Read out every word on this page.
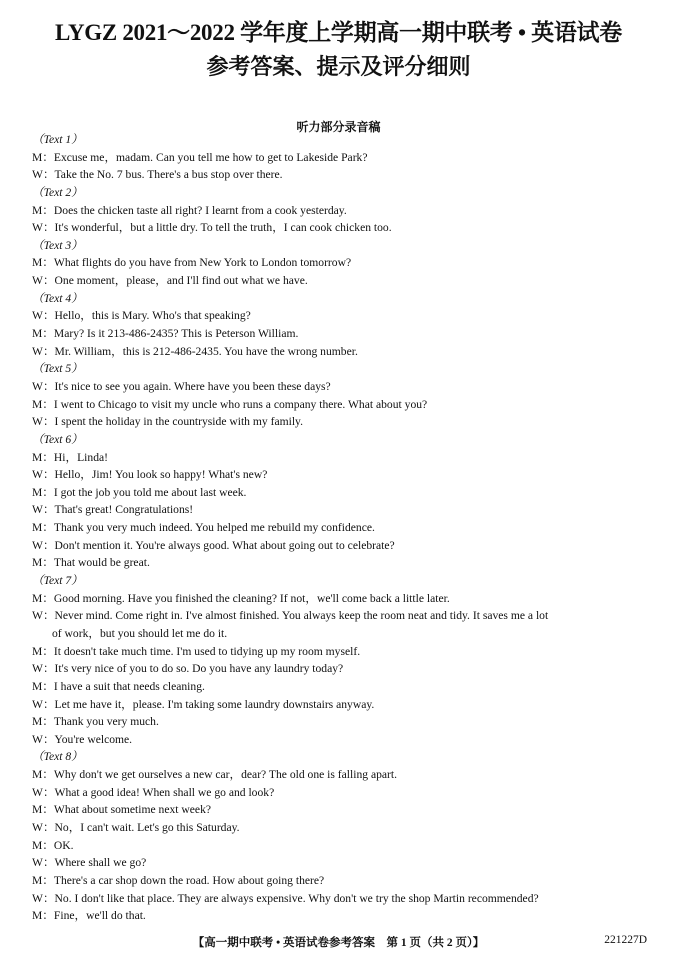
LYGZ 2021～2022 学年度上学期高一期中联考 • 英语试卷
参考答案、提示及评分细则
听力部分录音稿
（Text 1）
M：Excuse me，madam. Can you tell me how to get to Lakeside Park?
W：Take the No. 7 bus. There's a bus stop over there.
（Text 2）
M：Does the chicken taste all right? I learnt from a cook yesterday.
W：It's wonderful，but a little dry. To tell the truth，I can cook chicken too.
（Text 3）
M：What flights do you have from New York to London tomorrow?
W：One moment，please，and I'll find out what we have.
（Text 4）
W：Hello，this is Mary. Who's that speaking?
M：Mary? Is it 213-486-2435? This is Peterson William.
W：Mr. William，this is 212-486-2435. You have the wrong number.
（Text 5）
W：It's nice to see you again. Where have you been these days?
M：I went to Chicago to visit my uncle who runs a company there. What about you?
W：I spent the holiday in the countryside with my family.
（Text 6）
M：Hi，Linda!
W：Hello，Jim! You look so happy! What's new?
M：I got the job you told me about last week.
W：That's great! Congratulations!
M：Thank you very much indeed. You helped me rebuild my confidence.
W：Don't mention it. You're always good. What about going out to celebrate?
M：That would be great.
（Text 7）
M：Good morning. Have you finished the cleaning? If not，we'll come back a little later.
W：Never mind. Come right in. I've almost finished. You always keep the room neat and tidy. It saves me a lot
of work，but you should let me do it.
M：It doesn't take much time. I'm used to tidying up my room myself.
W：It's very nice of you to do so. Do you have any laundry today?
M：I have a suit that needs cleaning.
W：Let me have it，please. I'm taking some laundry downstairs anyway.
M：Thank you very much.
W：You're welcome.
（Text 8）
M：Why don't we get ourselves a new car，dear? The old one is falling apart.
W：What a good idea! When shall we go and look?
M：What about sometime next week?
W：No，I can't wait. Let's go this Saturday.
M：OK.
W：Where shall we go?
M：There's a car shop down the road. How about going there?
W：No. I don't like that place. They are always expensive. Why don't we try the shop Martin recommended?
M：Fine，we'll do that.
【高一期中联考 • 英语试卷参考答案　第 1 页（共 2 页）】	221227D
